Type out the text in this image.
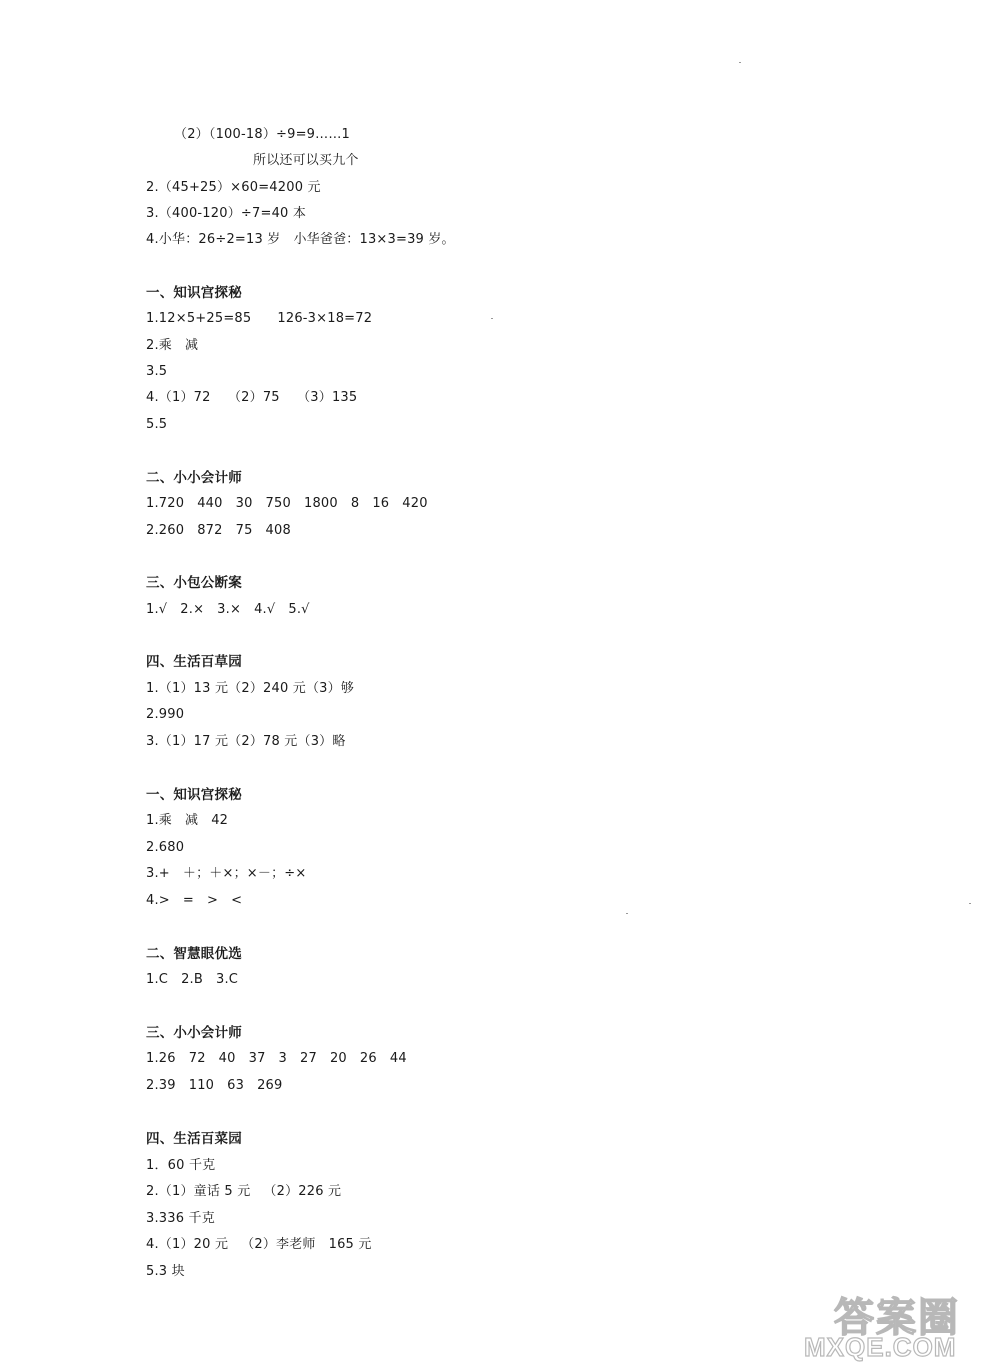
（2）（100-18）÷9=9……1
所以还可以买九个
2.（45+25）×60=4200 元
3.（400-120）÷7=40 本
4.小华：26÷2=13 岁   小华爸爸：13×3=39 岁。
一、知识宫探秘
1.12×5+25=85      126-3×18=72
2.乘   减
3.5
4.（1）72    （2）75    （3）135
5.5
二、小小会计师
1.720   440   30   750   1800   8   16   420
2.260   872   75   408
三、小包公断案
1.√   2.×   3.×   4.√   5.√
四、生活百草园
1.（1）13 元（2）240 元（3）够
2.990
3.（1）17 元（2）78 元（3）略
一、知识宫探秘
1.乘   减   42
2.680
3.+   ＋；＋×；×－；÷×
4.>   =   >   <
二、智慧眼优选
1.C   2.B   3.C
三、小小会计师
1.26   72   40   37   3   27   20   26   44
2.39   110   63   269
四、生活百菜园
1．60 千克
2.（1）童话 5 元   （2）226 元
3.336 千克
4.（1）20 元   （2）李老师   165 元
5.3 块
答案圈
MXQE.COM
